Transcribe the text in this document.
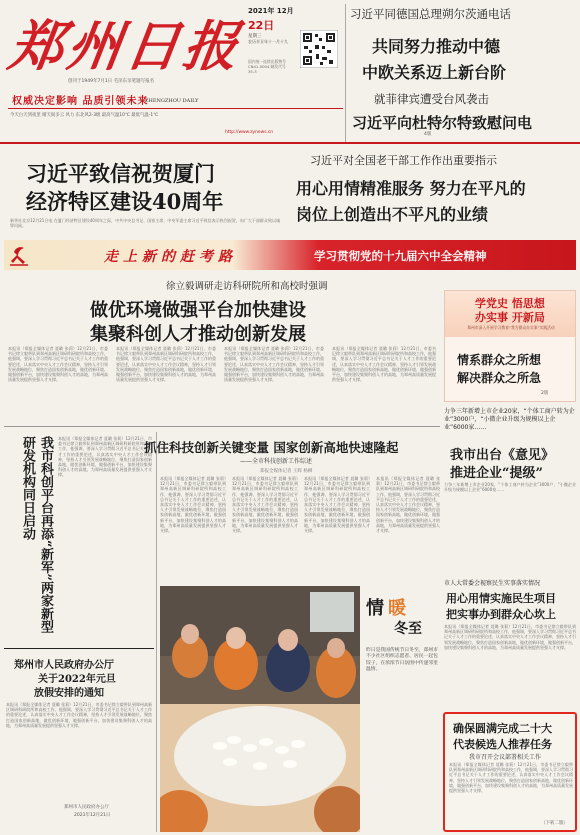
郑州日报
创刊于1949年7月1日 毛泽东亲笔题写报名
权威决定影响 品质引领未来
ZHENGZHOU DAILY
今天白天到夜里 晴天间多云 风力 东北风2-3级 最高气温10℃ 最低气温-1℃
http://www.zynews.cn
2021年 12月
22日
星期三
农历辛丑年十一月十九
国内统一连续出版物号 CN41-0004 邮发代号 35-3
4版
习近平同德国总理朔尔茨通电话
共同努力推动中德
中欧关系迈上新台阶
就菲律宾遭受台风袭击
习近平向杜特尔特致慰问电
习近平致信祝贺厦门
经济特区建设40周年
新华社北京12月21日电 在厦门经济特区建设40周年之际，中共中央总书记、国家主席、中央军委主席习近平致信表示热烈祝贺，向广大干部群众致以诚挚问候。
习近平对全国老干部工作作出重要指示
用心用情精准服务 努力在平凡的
岗位上创造出不平凡的业绩
走上新的赶考路	学习贯彻党的十九届六中全会精神
徐立毅调研走访科研院所和高校时强调
做优环境做强平台加快建设
集聚科创人才推动创新发展
本报讯（郑报全媒体记者 聂璐 张莉）12月21日，市委书记徐立毅带队到郑州高新区调研科研院所和高校工作，他强调，要深入学习贯彻习近平总书记关于人才工作的重要论述，认真落实中央人才工作会议精神，坚持人才引领发展战略地位，聚焦打造国家创新高地，做优创新环境，做强创新平台，加快建设集聚科创人才的高地，为郑州高质量发展提供坚强人才支撑。
本报讯（郑报全媒体记者 聂璐 张莉）12月21日，市委书记徐立毅带队到郑州高新区调研科研院所和高校工作，他强调，要深入学习贯彻习近平总书记关于人才工作的重要论述，认真落实中央人才工作会议精神，坚持人才引领发展战略地位，聚焦打造国家创新高地，做优创新环境，做强创新平台，加快建设集聚科创人才的高地，为郑州高质量发展提供坚强人才支撑。
本报讯（郑报全媒体记者 聂璐 张莉）12月21日，市委书记徐立毅带队到郑州高新区调研科研院所和高校工作，他强调，要深入学习贯彻习近平总书记关于人才工作的重要论述，认真落实中央人才工作会议精神，坚持人才引领发展战略地位，聚焦打造国家创新高地，做优创新环境，做强创新平台，加快建设集聚科创人才的高地，为郑州高质量发展提供坚强人才支撑。
本报讯（郑报全媒体记者 聂璐 张莉）12月21日，市委书记徐立毅带队到郑州高新区调研科研院所和高校工作，他强调，要深入学习贯彻习近平总书记关于人才工作的重要论述，认真落实中央人才工作会议精神，坚持人才引领发展战略地位，聚焦打造国家创新高地，做优创新环境，做强创新平台，加快建设集聚科创人才的高地，为郑州高质量发展提供坚强人才支撑。
学党史 悟思想
办实事 开新局
郑州市深入开展学习教育“我为群众办实事”实践活动
情系群众之所想
解决群众之所急
2版
力争三年新增上市企业20家，“个体工商户转为企业”3000户，“小微企业升级为规模以上企业”6000家……
我市出台《意见》
推进企业“提级”
力争三年新增上市企业20家，“个体工商户转为企业”3000户，“小微企业升级为规模以上企业”6000家……
我市科创平台再添“新军”两家新型研发机构同日启动	本报讯（郑报全媒体记者 聂璐 张莉）12月21日，市委书记徐立毅带队到郑州高新区调研科研院所和高校工作，他强调，要深入学习贯彻习近平总书记关于人才工作的重要论述，认真落实中央人才工作会议精神，坚持人才引领发展战略地位，聚焦打造国家创新高地，做优创新环境，做强创新平台，加快建设集聚科创人才的高地，为郑州高质量发展提供坚强人才支撑。
抓住科技创新关键变量 国家创新高地快速隆起
——全市科技创新工作综述
郑报全媒体记者 王辉 杨柳
本报讯（郑报全媒体记者 聂璐 张莉）12月21日，市委书记徐立毅带队到郑州高新区调研科研院所和高校工作，他强调，要深入学习贯彻习近平总书记关于人才工作的重要论述，认真落实中央人才工作会议精神，坚持人才引领发展战略地位，聚焦打造国家创新高地，做优创新环境，做强创新平台，加快建设集聚科创人才的高地，为郑州高质量发展提供坚强人才支撑。
本报讯（郑报全媒体记者 聂璐 张莉）12月21日，市委书记徐立毅带队到郑州高新区调研科研院所和高校工作，他强调，要深入学习贯彻习近平总书记关于人才工作的重要论述，认真落实中央人才工作会议精神，坚持人才引领发展战略地位，聚焦打造国家创新高地，做优创新环境，做强创新平台，加快建设集聚科创人才的高地，为郑州高质量发展提供坚强人才支撑。
本报讯（郑报全媒体记者 聂璐 张莉）12月21日，市委书记徐立毅带队到郑州高新区调研科研院所和高校工作，他强调，要深入学习贯彻习近平总书记关于人才工作的重要论述，认真落实中央人才工作会议精神，坚持人才引领发展战略地位，聚焦打造国家创新高地，做优创新环境，做强创新平台，加快建设集聚科创人才的高地，为郑州高质量发展提供坚强人才支撑。
本报讯（郑报全媒体记者 聂璐 张莉）12月21日，市委书记徐立毅带队到郑州高新区调研科研院所和高校工作，他强调，要深入学习贯彻习近平总书记关于人才工作的重要论述，认真落实中央人才工作会议精神，坚持人才引领发展战略地位，聚焦打造国家创新高地，做优创新环境，做强创新平台，加快建设集聚科创人才的高地，为郑州高质量发展提供坚强人才支撑。
市人大常委会视察民生实事落实情况
用心用情实施民生项目
把实事办到群众心坎上
本报讯（郑报全媒体记者 聂璐 张莉）12月21日，市委书记徐立毅带队到郑州高新区调研科研院所和高校工作，他强调，要深入学习贯彻习近平总书记关于人才工作的重要论述，认真落实中央人才工作会议精神，坚持人才引领发展战略地位，聚焦打造国家创新高地，做优创新环境，做强创新平台，加快建设集聚科创人才的高地，为郑州高质量发展提供坚强人才支撑。
郑州市人民政府办公厅
关于2022年元旦
放假安排的通知
本报讯（郑报全媒体记者 聂璐 张莉）12月21日，市委书记徐立毅带队到郑州高新区调研科研院所和高校工作，他强调，要深入学习贯彻习近平总书记关于人才工作的重要论述，认真落实中央人才工作会议精神，坚持人才引领发展战略地位，聚焦打造国家创新高地，做优创新环境，做强创新平台，加快建设集聚科创人才的高地，为郑州高质量发展提供坚强人才支撑。
郑州市人民政府办公厅
2021年12月21日
情 暖
冬至
昨日是我国传统节日冬至，郑州市不少社区组织志愿者、居民一起包饺子，在浓浓节日氛围中传递邻里温情。
确保圆满完成二十大
代表候选人推荐任务
我市召开会议部署相关工作
本报讯（郑报全媒体记者 聂璐 张莉）12月21日，市委书记徐立毅带队到郑州高新区调研科研院所和高校工作，他强调，要深入学习贯彻习近平总书记关于人才工作的重要论述，认真落实中央人才工作会议精神，坚持人才引领发展战略地位，聚焦打造国家创新高地，做优创新环境，做强创新平台，加快建设集聚科创人才的高地，为郑州高质量发展提供坚强人才支撑。
（下转二版）
